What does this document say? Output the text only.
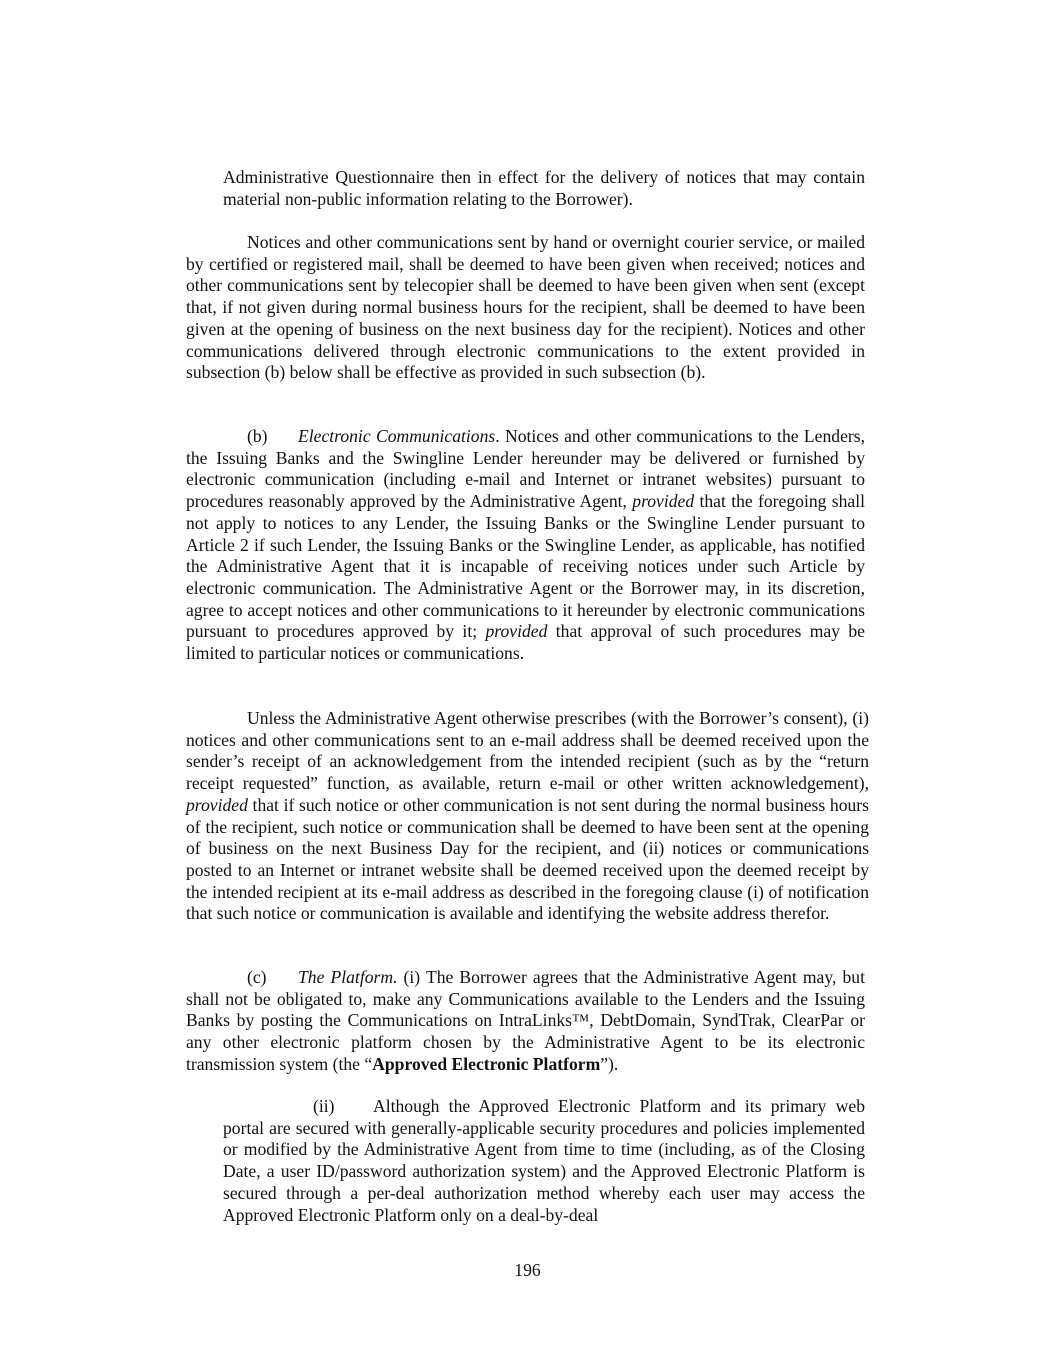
Administrative Questionnaire then in effect for the delivery of notices that may contain material non-public information relating to the Borrower).

Notices and other communications sent by hand or overnight courier service, or mailed by certified or registered mail, shall be deemed to have been given when received; notices and other communications sent by telecopier shall be deemed to have been given when sent (except that, if not given during normal business hours for the recipient, shall be deemed to have been given at the opening of business on the next business day for the recipient). Notices and other communications delivered through electronic communications to the extent provided in subsection (b) below shall be effective as provided in such subsection (b).

(b) Electronic Communications. Notices and other communications to the Lenders, the Issuing Banks and the Swingline Lender hereunder may be delivered or furnished by electronic communication (including e-mail and Internet or intranet websites) pursuant to procedures reasonably approved by the Administrative Agent, provided that the foregoing shall not apply to notices to any Lender, the Issuing Banks or the Swingline Lender pursuant to Article 2 if such Lender, the Issuing Banks or the Swingline Lender, as applicable, has notified the Administrative Agent that it is incapable of receiving notices under such Article by electronic communication. The Administrative Agent or the Borrower may, in its discretion, agree to accept notices and other communications to it hereunder by electronic communications pursuant to procedures approved by it; provided that approval of such procedures may be limited to particular notices or communications.

Unless the Administrative Agent otherwise prescribes (with the Borrower’s consent), (i) notices and other communications sent to an e-mail address shall be deemed received upon the sender’s receipt of an acknowledgement from the intended recipient (such as by the “return receipt requested” function, as available, return e-mail or other written acknowledgement), provided that if such notice or other communication is not sent during the normal business hours of the recipient, such notice or communication shall be deemed to have been sent at the opening of business on the next Business Day for the recipient, and (ii) notices or communications posted to an Internet or intranet website shall be deemed received upon the deemed receipt by the intended recipient at its e-mail address as described in the foregoing clause (i) of notification that such notice or communication is available and identifying the website address therefor.

(c) The Platform. (i) The Borrower agrees that the Administrative Agent may, but shall not be obligated to, make any Communications available to the Lenders and the Issuing Banks by posting the Communications on IntraLinks™, DebtDomain, SyndTrak, ClearPar or any other electronic platform chosen by the Administrative Agent to be its electronic transmission system (the “Approved Electronic Platform”).

(ii) Although the Approved Electronic Platform and its primary web portal are secured with generally-applicable security procedures and policies implemented or modified by the Administrative Agent from time to time (including, as of the Closing Date, a user ID/password authorization system) and the Approved Electronic Platform is secured through a per-deal authorization method whereby each user may access the Approved Electronic Platform only on a deal-by-deal

196
